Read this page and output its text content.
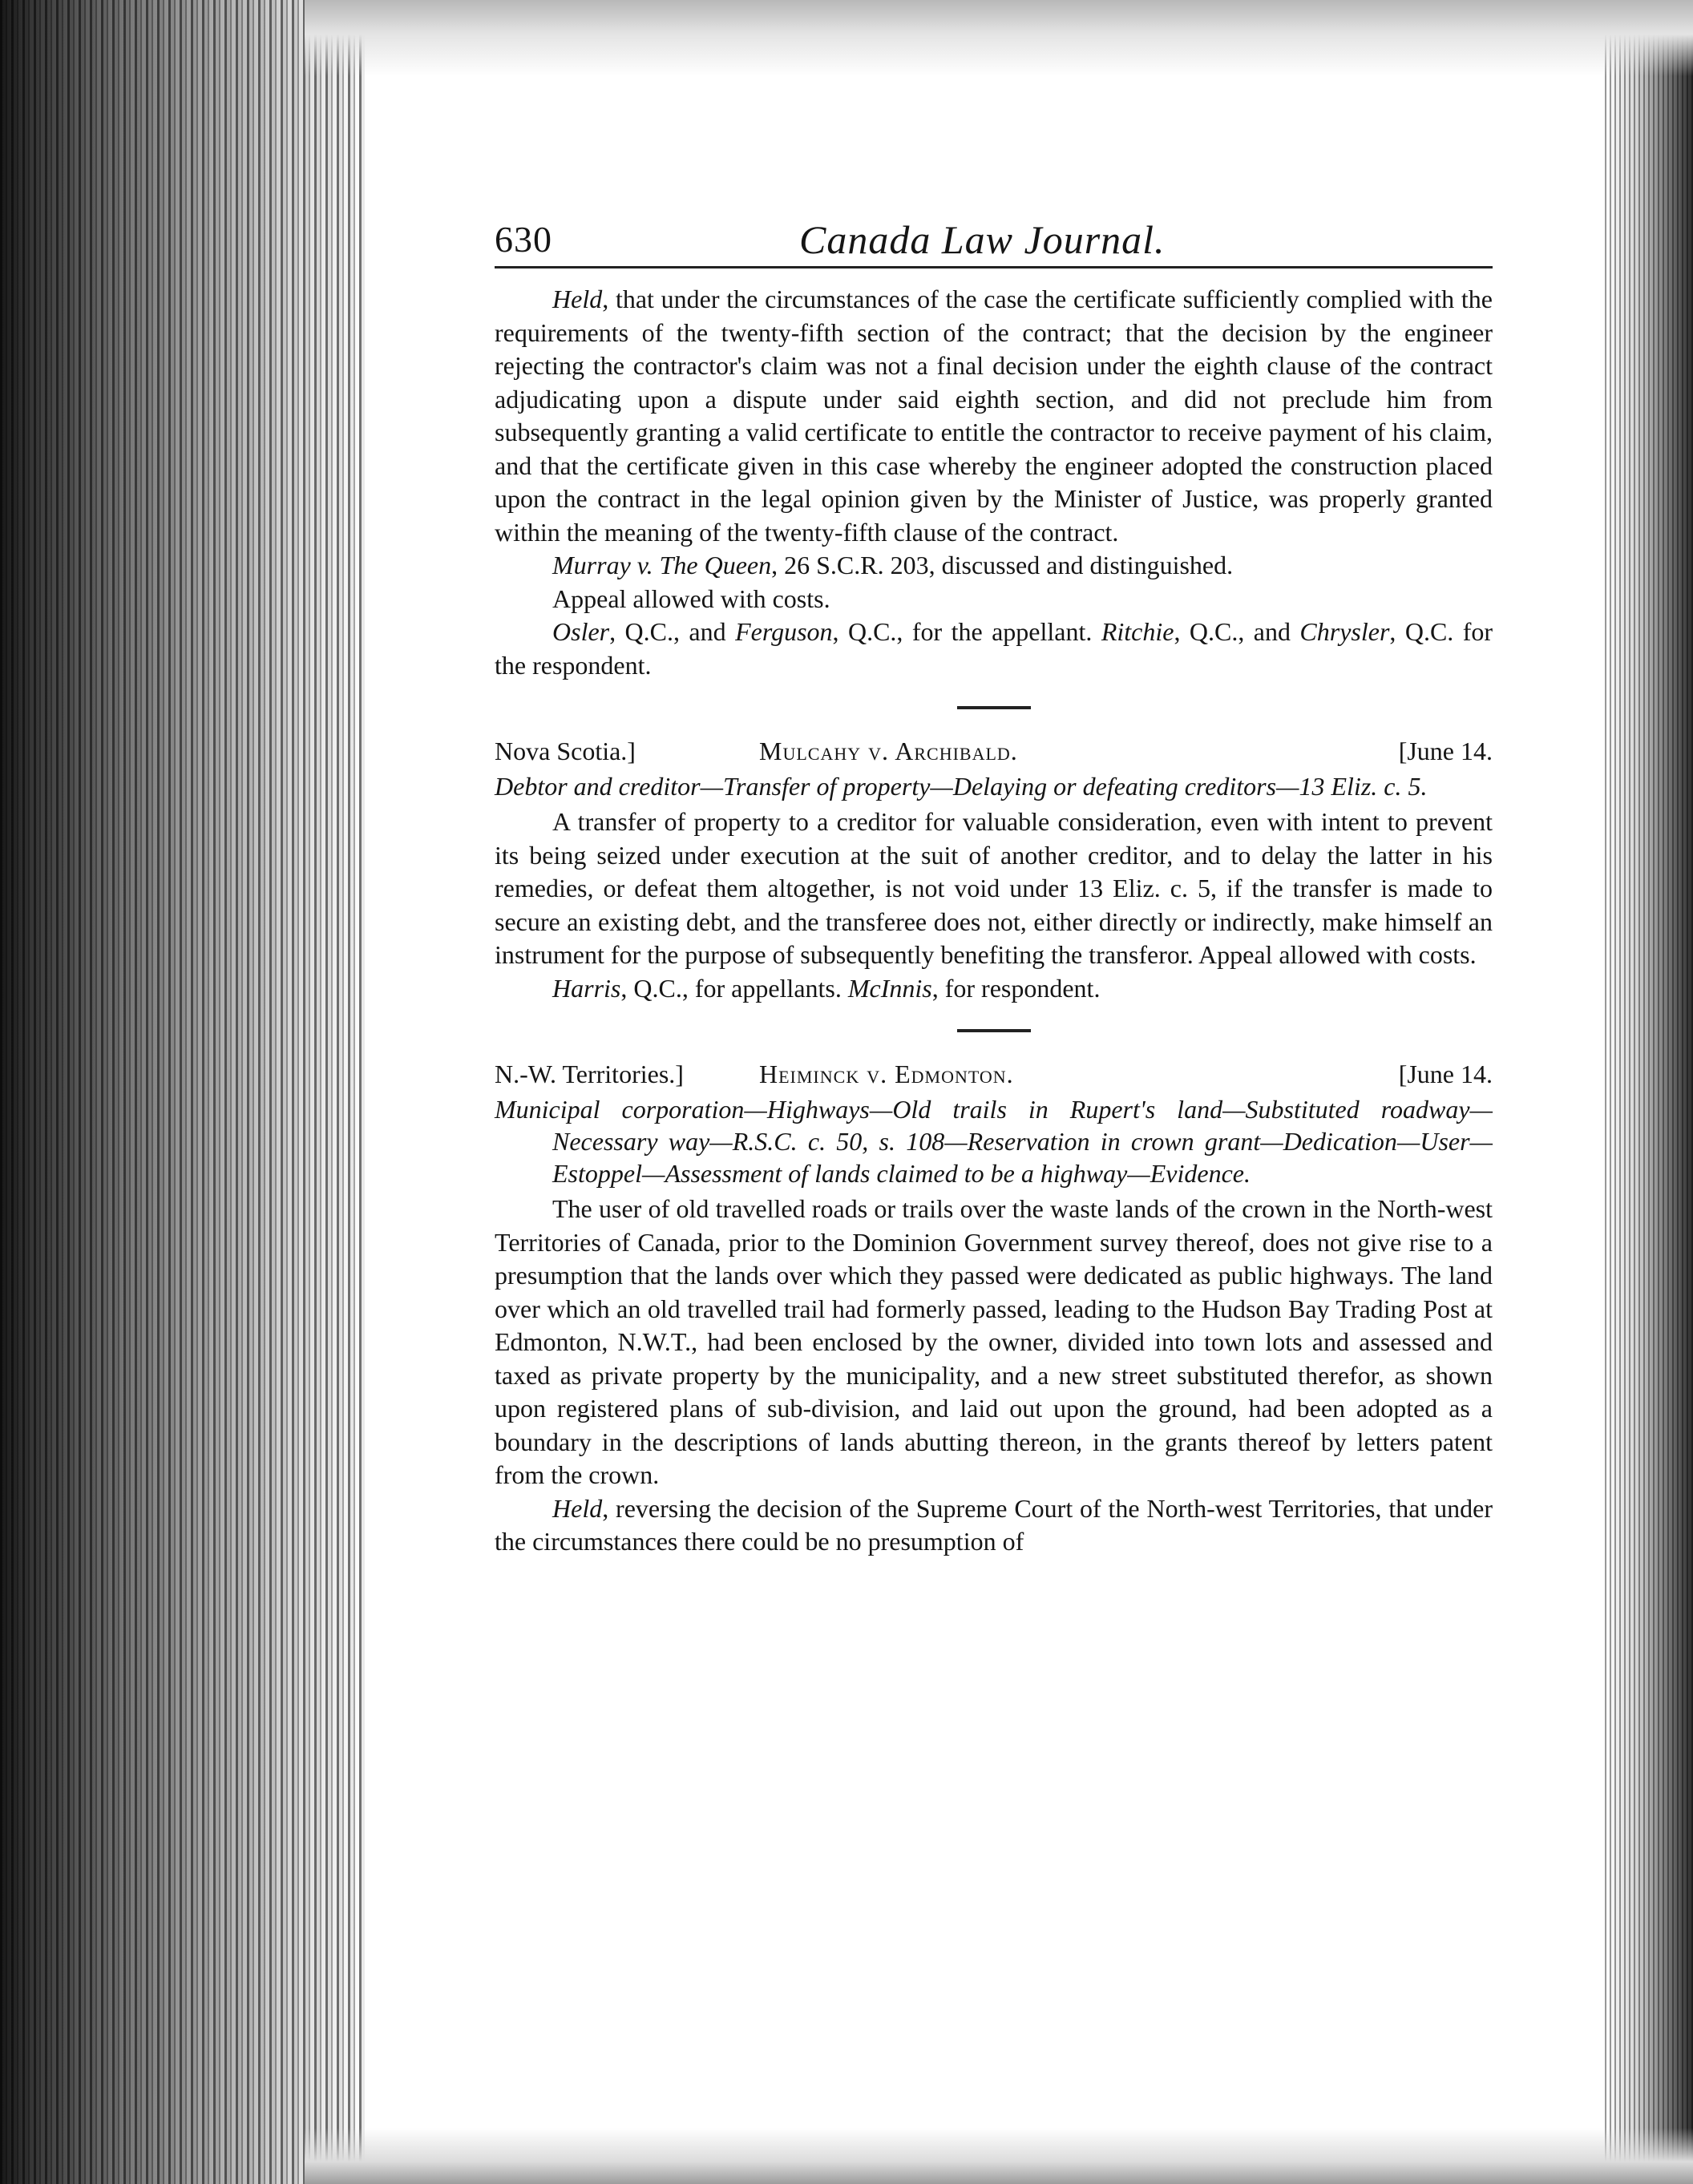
630	Canada Law Journal.

Held, that under the circumstances of the case the certificate sufficiently complied with the requirements of the twenty-fifth section of the contract; that the decision by the engineer rejecting the contractor's claim was not a final decision under the eighth clause of the contract adjudicating upon a dispute under said eighth section, and did not preclude him from subsequently granting a valid certificate to entitle the contractor to receive payment of his claim, and that the certificate given in this case whereby the engineer adopted the construction placed upon the contract in the legal opinion given by the Minister of Justice, was properly granted within the meaning of the twenty-fifth clause of the contract.

Murray v. The Queen, 26 S.C.R. 203, discussed and distinguished.

Appeal allowed with costs.

Osler, Q.C., and Ferguson, Q.C., for the appellant. Ritchie, Q.C., and Chrysler, Q.C. for the respondent.

Nova Scotia.]	Mulcahy v. Archibald.	[June 14.
Debtor and creditor—Transfer of property—Delaying or defeating creditors—13 Eliz. c. 5.

A transfer of property to a creditor for valuable consideration, even with intent to prevent its being seized under execution at the suit of another creditor, and to delay the latter in his remedies, or defeat them altogether, is not void under 13 Eliz. c. 5, if the transfer is made to secure an existing debt, and the transferee does not, either directly or indirectly, make himself an instrument for the purpose of subsequently benefiting the transferor. Appeal allowed with costs.

Harris, Q.C., for appellants. McInnis, for respondent.

N.-W. Territories.]	Heiminck v. Edmonton.	[June 14.
Municipal corporation—Highways—Old trails in Rupert's land—Substituted roadway—Necessary way—R.S.C. c. 50, s. 108—Reservation in crown grant—Dedication—User—Estoppel—Assessment of lands claimed to be a highway—Evidence.

The user of old travelled roads or trails over the waste lands of the crown in the North-west Territories of Canada, prior to the Dominion Government survey thereof, does not give rise to a presumption that the lands over which they passed were dedicated as public highways. The land over which an old travelled trail had formerly passed, leading to the Hudson Bay Trading Post at Edmonton, N.W.T., had been enclosed by the owner, divided into town lots and assessed and taxed as private property by the municipality, and a new street substituted therefor, as shown upon registered plans of sub-division, and laid out upon the ground, had been adopted as a boundary in the descriptions of lands abutting thereon, in the grants thereof by letters patent from the crown.

Held, reversing the decision of the Supreme Court of the North-west Territories, that under the circumstances there could be no presumption of
